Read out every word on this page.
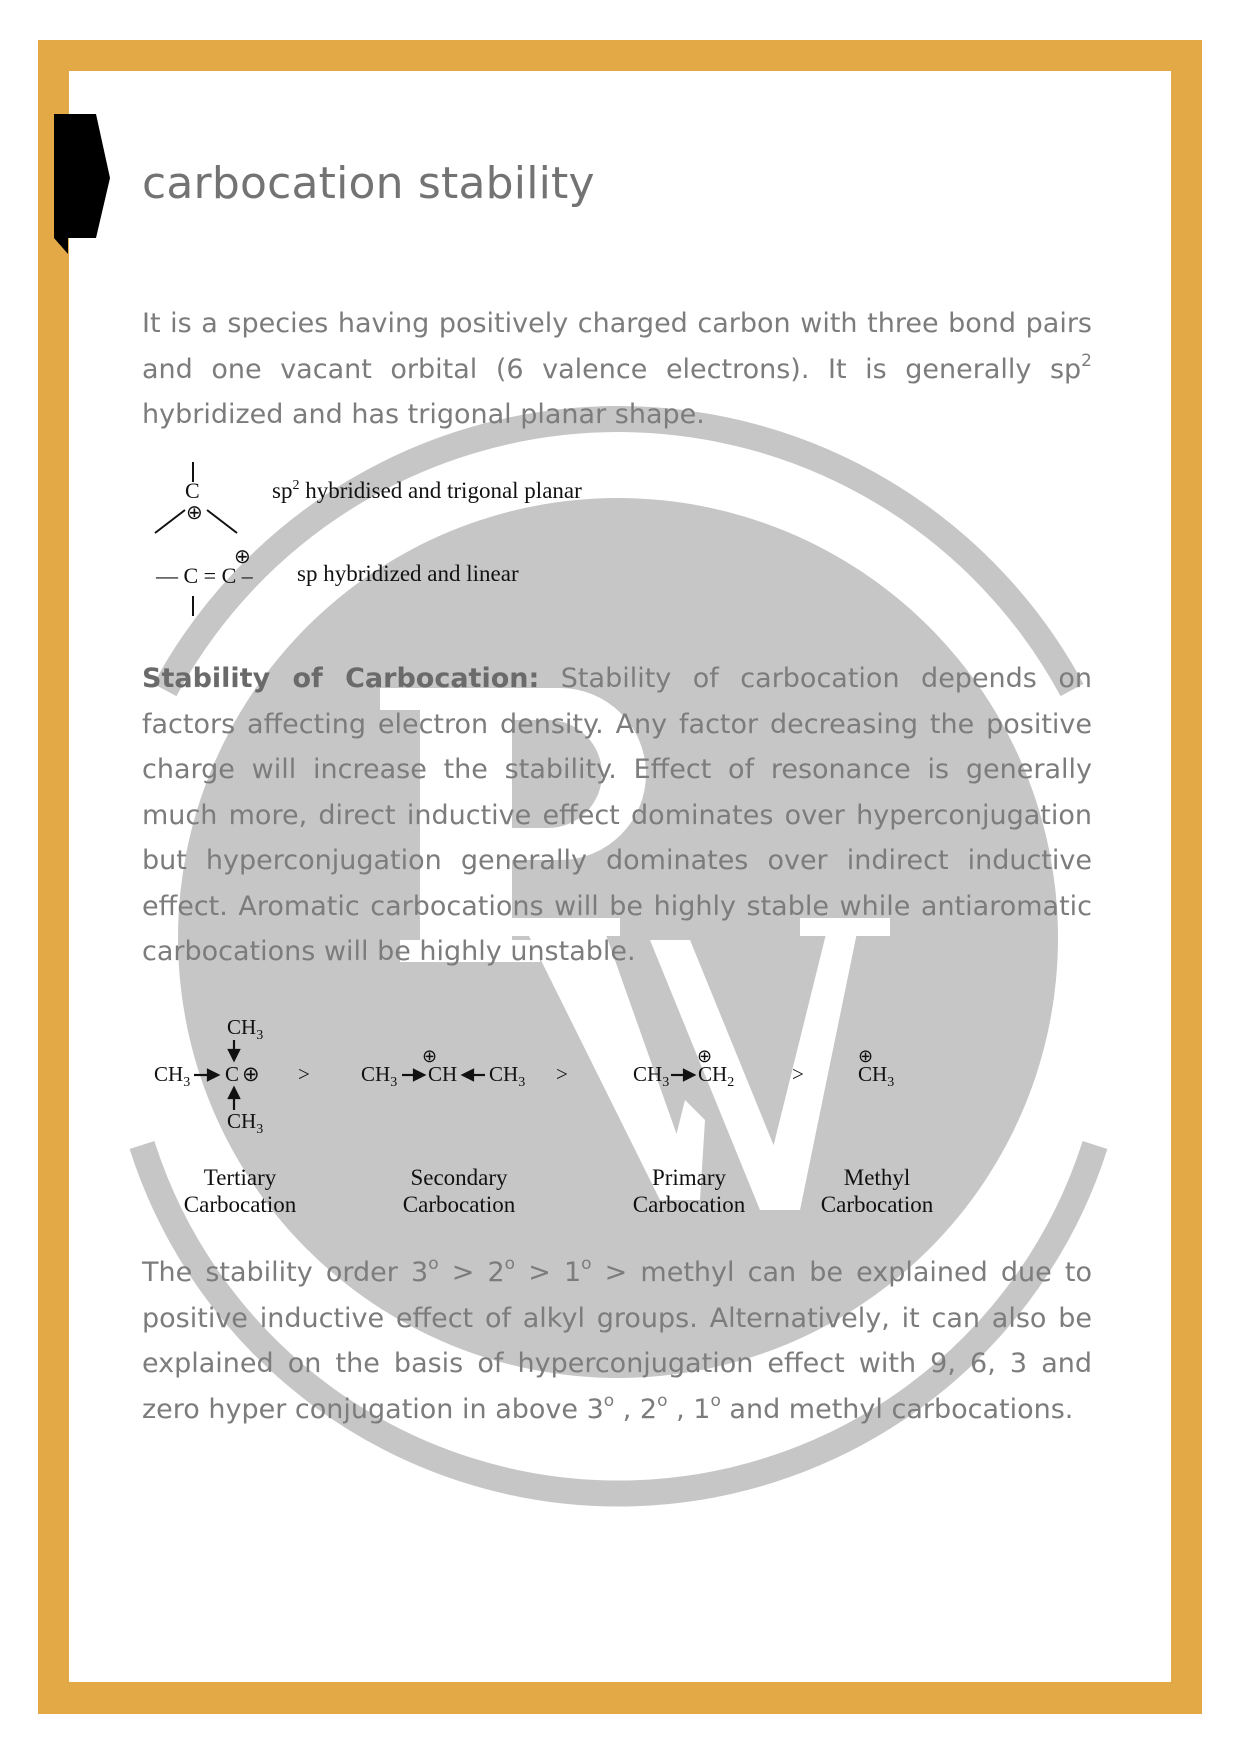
carbocation stability

It is a species having positively charged carbon with three bond pairs and one vacant orbital (6 valence electrons). It is generally $sp^2$ hybridized and has trigonal planar shape.

C
⊕
$sp^2$ hybridised and trigonal planar
— C = C –
⊕
sp hybridized and linear

Stability of Carbocation: Stability of carbocation depends on factors affecting electron density. Any factor decreasing the positive charge will increase the stability. Effect of resonance is generally much more, direct inductive effect dominates over hyperconjugation but hyperconjugation generally dominates over indirect inductive effect. Aromatic carbocations will be highly stable while antiaromatic carbocations will be highly unstable.

$CH_3$ C ⊕
$CH_3$
$CH_3$
> $CH_3$ CH
⊕
$CH_3$ >	$CH_3$ $CH_2$
⊕
>	$CH_3$
⊕
Tertiary
Carbocation
Secondary
Carbocation
Primary
Carbocation
Methyl
Carbocation

The stability order $3^o > 2^o > 1^o$ > methyl can be explained due to positive inductive effect of alkyl groups. Alternatively, it can also be explained on the basis of hyperconjugation effect with 9, 6, 3 and zero hyper conjugation in above 3$^o$ , 2$^o$ , 1$^o$ and methyl carbocations.
